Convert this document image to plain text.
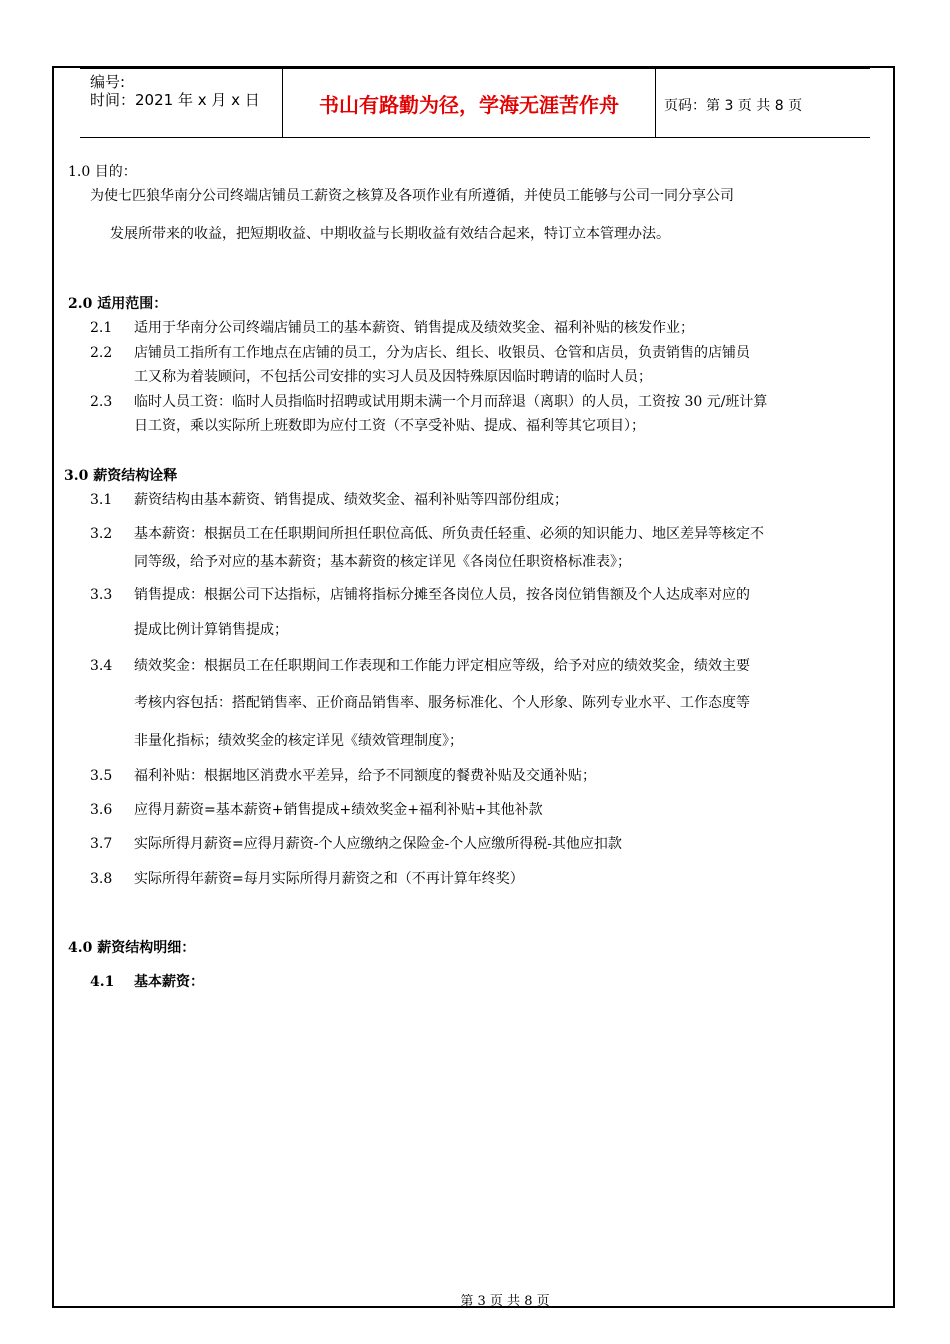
编号:
时间：2021 年 x 月 x 日	书山有路勤为径，学海无涯苦作舟	页码：第 3 页 共 8 页
1.0 目的：
为使七匹狼华南分公司终端店铺员工薪资之核算及各项作业有所遵循，并使员工能够与公司一同分享公司
发展所带来的收益，把短期收益、中期收益与长期收益有效结合起来，特订立本管理办法。
2.0 适用范围：
2.1 适用于华南分公司终端店铺员工的基本薪资、销售提成及绩效奖金、福利补贴的核发作业；
2.2 店铺员工指所有工作地点在店铺的员工，分为店长、组长、收银员、仓管和店员，负责销售的店铺员
工又称为着装顾问，不包括公司安排的实习人员及因特殊原因临时聘请的临时人员；
2.3 临时人员工资：临时人员指临时招聘或试用期未满一个月而辞退（离职）的人员，工资按 30 元/班计算
日工资，乘以实际所上班数即为应付工资（不享受补贴、提成、福利等其它项目）；
3.0 薪资结构诠释
3.1 薪资结构由基本薪资、销售提成、绩效奖金、福利补贴等四部份组成；
3.2 基本薪资：根据员工在任职期间所担任职位高低、所负责任轻重、必须的知识能力、地区差异等核定不
同等级，给予对应的基本薪资；基本薪资的核定详见《各岗位任职资格标准表》；
3.3 销售提成：根据公司下达指标，店铺将指标分摊至各岗位人员，按各岗位销售额及个人达成率对应的
提成比例计算销售提成；
3.4 绩效奖金：根据员工在任职期间工作表现和工作能力评定相应等级，给予对应的绩效奖金，绩效主要
考核内容包括：搭配销售率、正价商品销售率、服务标准化、个人形象、陈列专业水平、工作态度等
非量化指标；绩效奖金的核定详见《绩效管理制度》；
3.5 福利补贴：根据地区消费水平差异，给予不同额度的餐费补贴及交通补贴；
3.6 应得月薪资=基本薪资+销售提成+绩效奖金+福利补贴+其他补款
3.7 实际所得月薪资=应得月薪资-个人应缴纳之保险金-个人应缴所得税-其他应扣款
3.8 实际所得年薪资=每月实际所得月薪资之和（不再计算年终奖）
4.0 薪资结构明细：
4.1 基本薪资：
第 3 页 共 8 页
